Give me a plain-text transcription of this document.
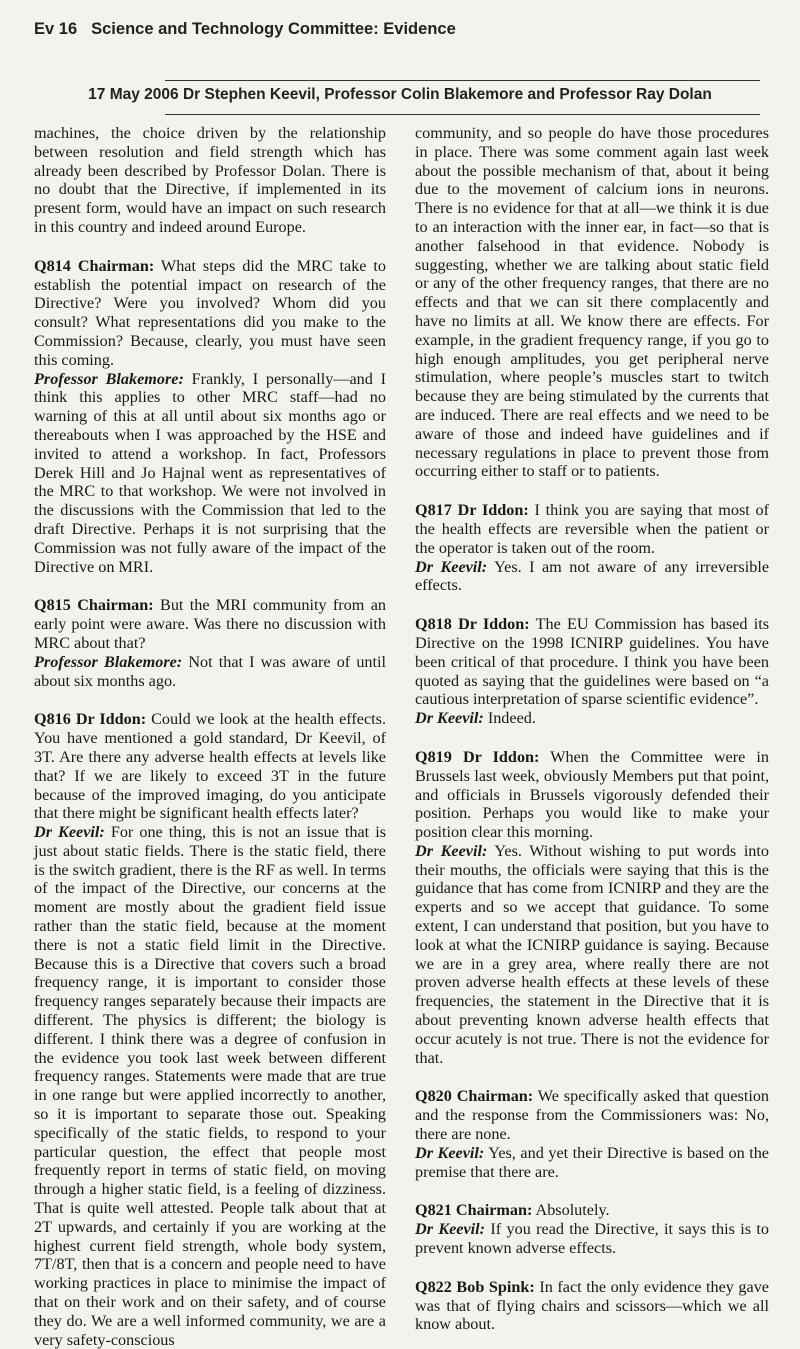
Ev 16 Science and Technology Committee: Evidence
17 May 2006 Dr Stephen Keevil, Professor Colin Blakemore and Professor Ray Dolan

machines, the choice driven by the relationship between resolution and field strength which has already been described by Professor Dolan. There is no doubt that the Directive, if implemented in its present form, would have an impact on such research in this country and indeed around Europe.

Q814 Chairman: What steps did the MRC take to establish the potential impact on research of the Directive? Were you involved? Whom did you consult? What representations did you make to the Commission? Because, clearly, you must have seen this coming.

Professor Blakemore: Frankly, I personally—and I think this applies to other MRC staff—had no warning of this at all until about six months ago or thereabouts when I was approached by the HSE and invited to attend a workshop. In fact, Professors Derek Hill and Jo Hajnal went as representatives of the MRC to that workshop. We were not involved in the discussions with the Commission that led to the draft Directive. Perhaps it is not surprising that the Commission was not fully aware of the impact of the Directive on MRI.

Q815 Chairman: But the MRI community from an early point were aware. Was there no discussion with MRC about that?

Professor Blakemore: Not that I was aware of until about six months ago.

Q816 Dr Iddon: Could we look at the health effects. You have mentioned a gold standard, Dr Keevil, of 3T. Are there any adverse health effects at levels like that? If we are likely to exceed 3T in the future because of the improved imaging, do you anticipate that there might be significant health effects later?

Dr Keevil: For one thing, this is not an issue that is just about static fields. There is the static field, there is the switch gradient, there is the RF as well. In terms of the impact of the Directive, our concerns at the moment are mostly about the gradient field issue rather than the static field, because at the moment there is not a static field limit in the Directive. Because this is a Directive that covers such a broad frequency range, it is important to consider those frequency ranges separately because their impacts are different. The physics is different; the biology is different. I think there was a degree of confusion in the evidence you took last week between different frequency ranges. Statements were made that are true in one range but were applied incorrectly to another, so it is important to separate those out. Speaking specifically of the static fields, to respond to your particular question, the effect that people most frequently report in terms of static field, on moving through a higher static field, is a feeling of dizziness. That is quite well attested. People talk about that at 2T upwards, and certainly if you are working at the highest current field strength, whole body system, 7T/8T, then that is a concern and people need to have working practices in place to minimise the impact of that on their work and on their safety, and of course they do. We are a well informed community, we are a very safety-conscious

community, and so people do have those procedures in place. There was some comment again last week about the possible mechanism of that, about it being due to the movement of calcium ions in neurons. There is no evidence for that at all—we think it is due to an interaction with the inner ear, in fact—so that is another falsehood in that evidence. Nobody is suggesting, whether we are talking about static field or any of the other frequency ranges, that there are no effects and that we can sit there complacently and have no limits at all. We know there are effects. For example, in the gradient frequency range, if you go to high enough amplitudes, you get peripheral nerve stimulation, where people’s muscles start to twitch because they are being stimulated by the currents that are induced. There are real effects and we need to be aware of those and indeed have guidelines and if necessary regulations in place to prevent those from occurring either to staff or to patients.

Q817 Dr Iddon: I think you are saying that most of the health effects are reversible when the patient or the operator is taken out of the room.

Dr Keevil: Yes. I am not aware of any irreversible effects.

Q818 Dr Iddon: The EU Commission has based its Directive on the 1998 ICNIRP guidelines. You have been critical of that procedure. I think you have been quoted as saying that the guidelines were based on “a cautious interpretation of sparse scientific evidence”.

Dr Keevil: Indeed.

Q819 Dr Iddon: When the Committee were in Brussels last week, obviously Members put that point, and officials in Brussels vigorously defended their position. Perhaps you would like to make your position clear this morning.

Dr Keevil: Yes. Without wishing to put words into their mouths, the officials were saying that this is the guidance that has come from ICNIRP and they are the experts and so we accept that guidance. To some extent, I can understand that position, but you have to look at what the ICNIRP guidance is saying. Because we are in a grey area, where really there are not proven adverse health effects at these levels of these frequencies, the statement in the Directive that it is about preventing known adverse health effects that occur acutely is not true. There is not the evidence for that.

Q820 Chairman: We specifically asked that question and the response from the Commissioners was: No, there are none.

Dr Keevil: Yes, and yet their Directive is based on the premise that there are.

Q821 Chairman: Absolutely.

Dr Keevil: If you read the Directive, it says this is to prevent known adverse effects.

Q822 Bob Spink: In fact the only evidence they gave was that of flying chairs and scissors—which we all know about.
